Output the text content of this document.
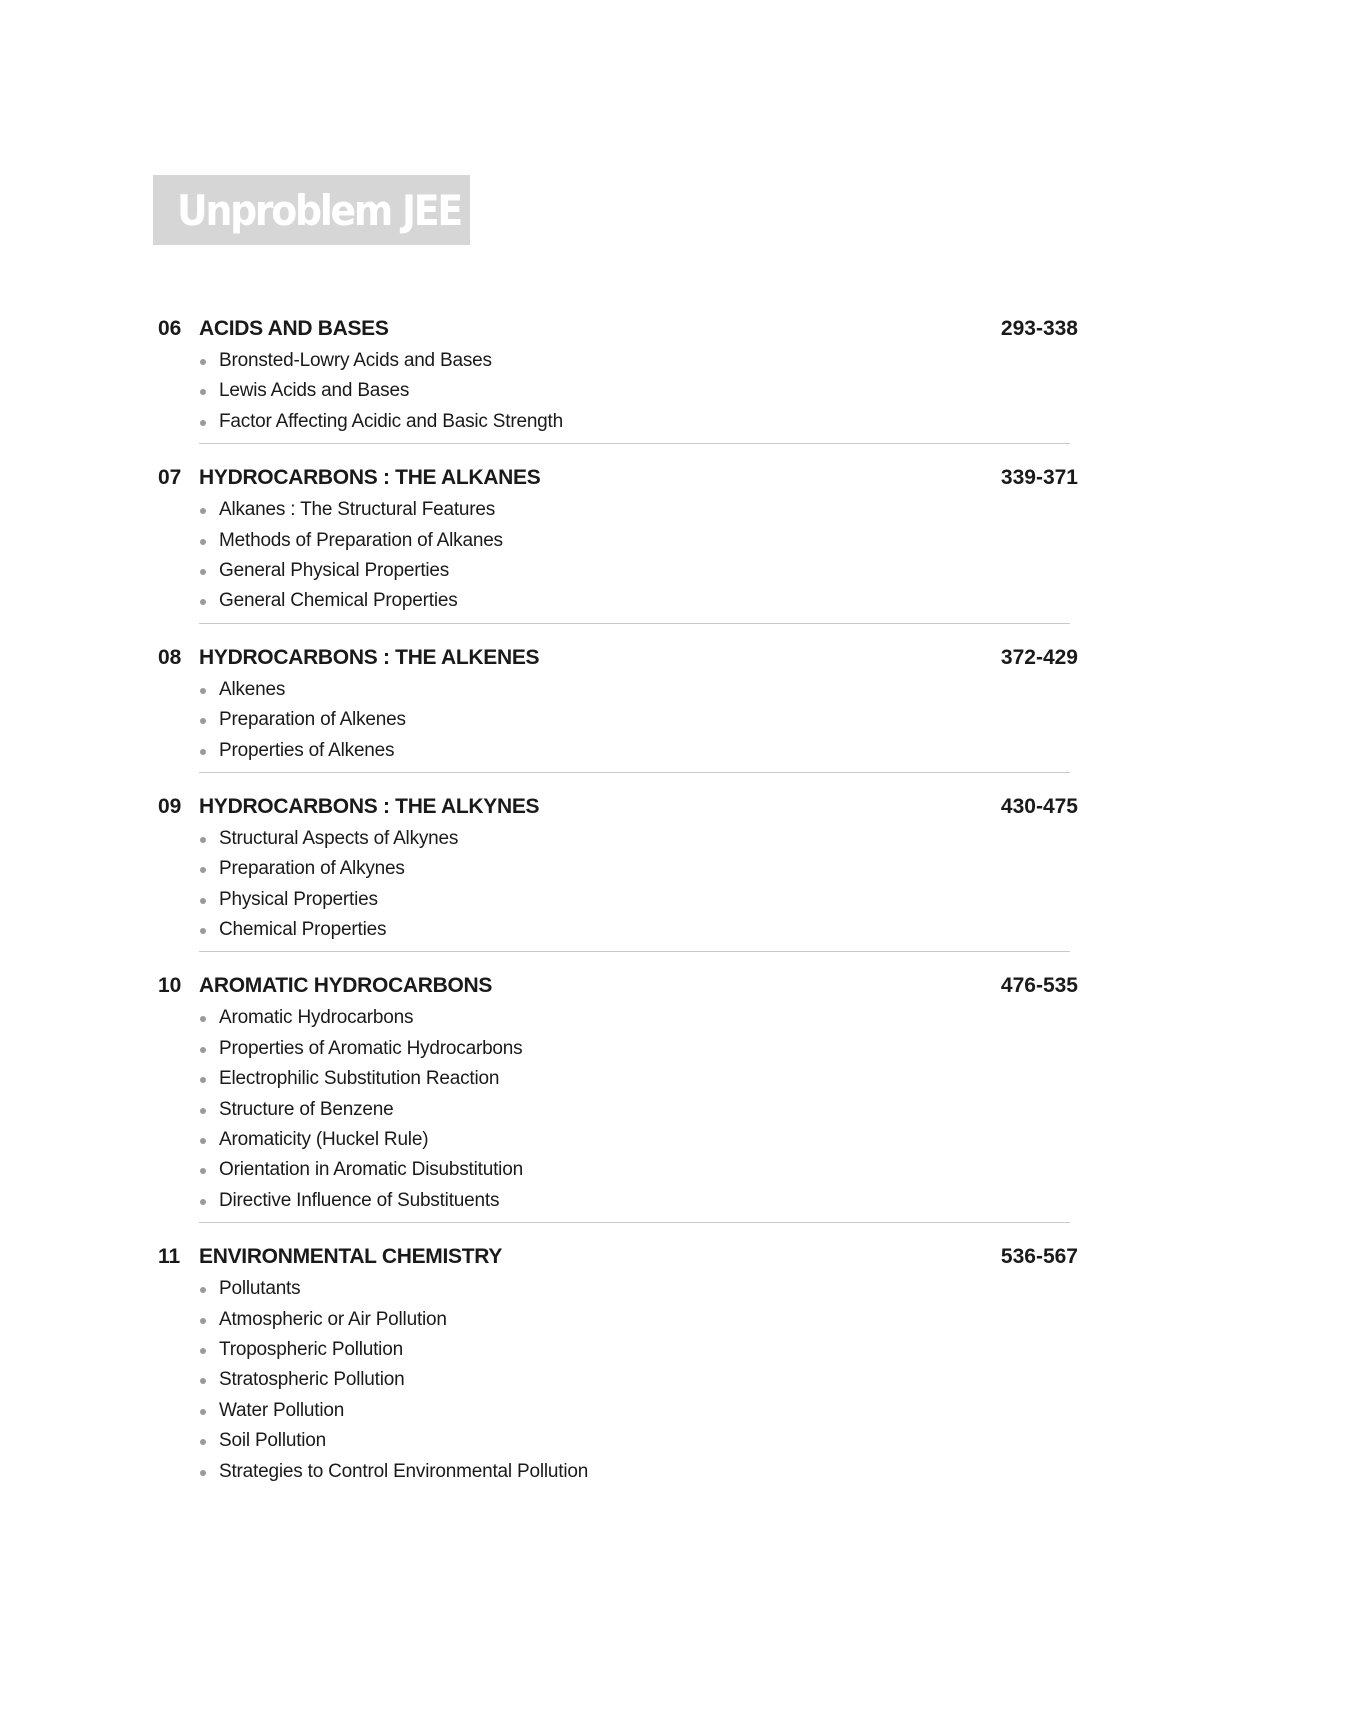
Unproblem JEE
06 ACIDS AND BASES	293-338
Bronsted-Lowry Acids and Bases
Lewis Acids and Bases
Factor Affecting Acidic and Basic Strength
07 HYDROCARBONS : THE ALKANES	339-371
Alkanes : The Structural Features
Methods of Preparation of Alkanes
General Physical Properties
General Chemical Properties
08 HYDROCARBONS : THE ALKENES	372-429
Alkenes
Preparation of Alkenes
Properties of Alkenes
09 HYDROCARBONS : THE ALKYNES	430-475
Structural Aspects of Alkynes
Preparation of Alkynes
Physical Properties
Chemical Properties
10 AROMATIC HYDROCARBONS	476-535
Aromatic Hydrocarbons
Properties of Aromatic Hydrocarbons
Electrophilic Substitution Reaction
Structure of Benzene
Aromaticity (Huckel Rule)
Orientation in Aromatic Disubstitution
Directive Influence of Substituents
11 ENVIRONMENTAL CHEMISTRY	536-567
Pollutants
Atmospheric or Air Pollution
Tropospheric Pollution
Stratospheric Pollution
Water Pollution
Soil Pollution
Strategies to Control Environmental Pollution
